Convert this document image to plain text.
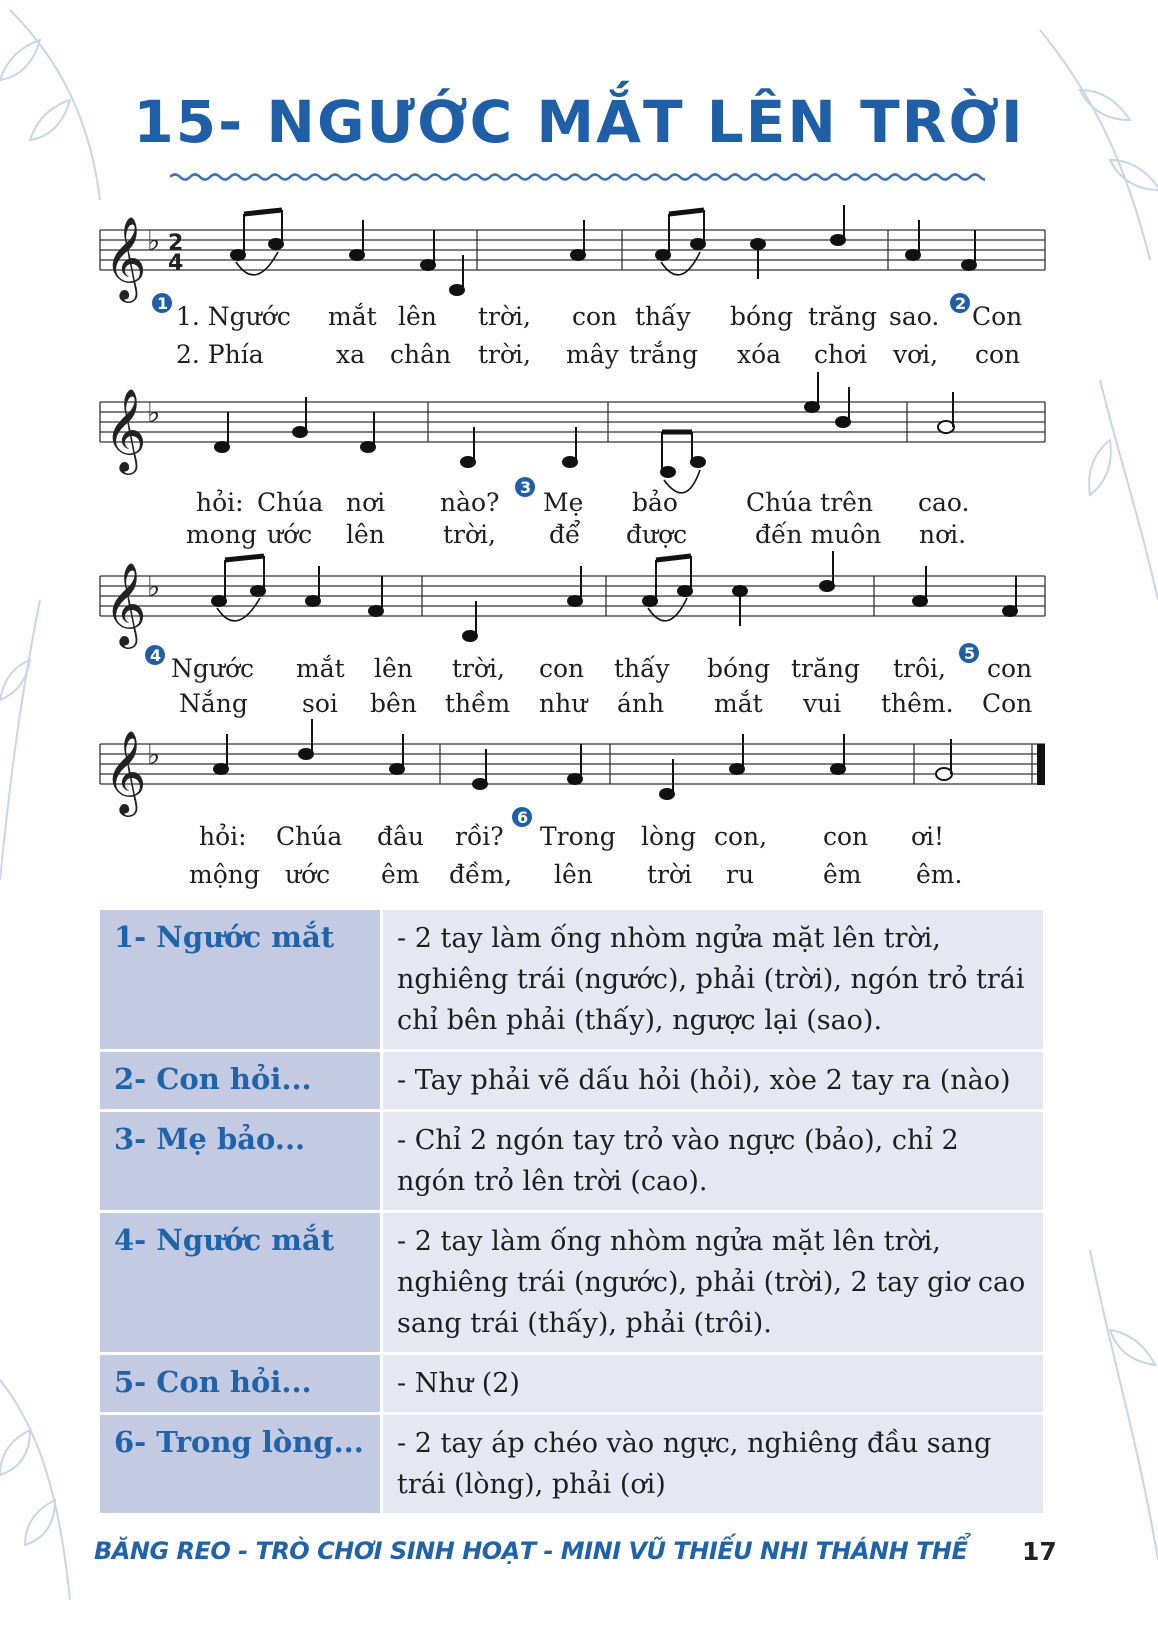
15- NGƯỚC MẮT LÊN TRỜI
𝄞
𝄞
𝄞
𝄞
♭
♭
♭
♭
2
4
1	2
3
4	5
6
1. Ngước mắt lên trời, con thấy bóng trăng sao. Con
2. Phía	xa chân trời, mây trắng xóa chơi vơi, con
hỏi: Chúa nơi nào? Mẹ bảo	Chúa trên cao.
mong ước lên trời, để được	đến muôn nơi.
Ngước mắt lên trời, con thấy bóng trăng trôi, con
Nắng soi bên thềm như ánh mắt vui thêm. Con
hỏi: Chúa đâu rồi? Trong lòng con, con ơi!
mộng ước êm đềm, lên trời ru	êm êm.
1- Ngước mắt	- 2 tay làm ống nhòm ngửa mặt lên trời, nghiêng trái (ngước), phải (trời), ngón trỏ trái chỉ bên phải (thấy), ngược lại (sao).
2- Con hỏi...	- Tay phải vẽ dấu hỏi (hỏi), xòe 2 tay ra (nào)
3- Mẹ bảo...	- Chỉ 2 ngón tay trỏ vào ngực (bảo), chỉ 2 ngón trỏ lên trời (cao).
4- Ngước mắt	- 2 tay làm ống nhòm ngửa mặt lên trời, nghiêng trái (ngước), phải (trời), 2 tay giơ cao sang trái (thấy), phải (trôi).
5- Con hỏi...	- Như (2)
6- Trong lòng...	- 2 tay áp chéo vào ngực, nghiêng đầu sang trái (lòng), phải (ơi)
BĂNG REO - TRÒ CHƠI SINH HOẠT - MINI VŨ THIẾU NHI THÁNH THỂ 17
